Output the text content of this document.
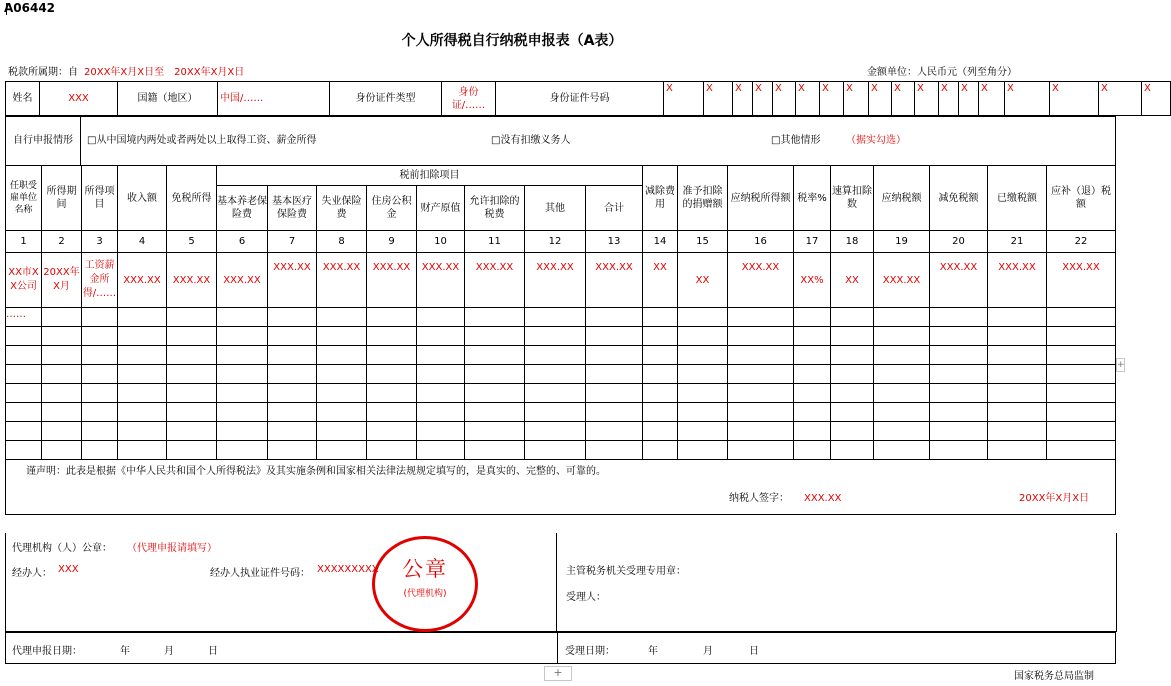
A06442
个人所得税自行纳税申报表（A表）
税款所属期：自 20XX年X月X日至 20XX年X月X日	金额单位：人民币元（列至角分）
姓名	XXX	国籍（地区）	中国/……	身份证件类型	身份证/……	身份证件号码	X	X	X	X	X	X	X	X	X	X	X	X	X	X	X	X	X	X
自行申报情形	□从中国境内两处或者两处以上取得工资、薪金所得	□没有扣缴义务人	□其他情形	（据实勾选）
任职受雇单位名称	所得期间	所得项目	收入额	免税所得	税前扣除项目								减除费用	准予扣除的捐赠额	应纳税所得额	税率%	速算扣除数	应纳税额	减免税额	已缴税额	应补（退）税额
					基本养老保险费	基本医疗保险费	失业保险费	住房公积金	财产原值	允许扣除的税费	其他	合计									
1	2	3	4	5	6	7	8	9	10	11	12	13	14	15	16	17	18	19	20	21	22
XX市XX公司	20XX年X月	工资薪金所得/……	XXX.XX	XXX.XX	XXX.XX	XXX.XX	XXX.XX	XXX.XX	XXX.XX	XXX.XX	XXX.XX	XXX.XX	XX	XX	XXX.XX	XX%	XX	XXX.XX	XXX.XX	XXX.XX	XXX.XX
……																					

谨声明：此表是根据《中华人民共和国个人所得税法》及其实施条例和国家相关法律法规规定填写的，是真实的、完整的、可靠的。
纳税人签字： XXX.XX 20XX年X月X日																					
代理机构（人）公章： （代理申报请填写）
经办人： XXX	经办人执业证件号码： XXXXXXXXX	公章
(代理机构)
代理申报日期：	年	月	日
主管税务机关受理专用章：
受理人：
受理日期：	年	月	日
国家税务总局监制
+
+
